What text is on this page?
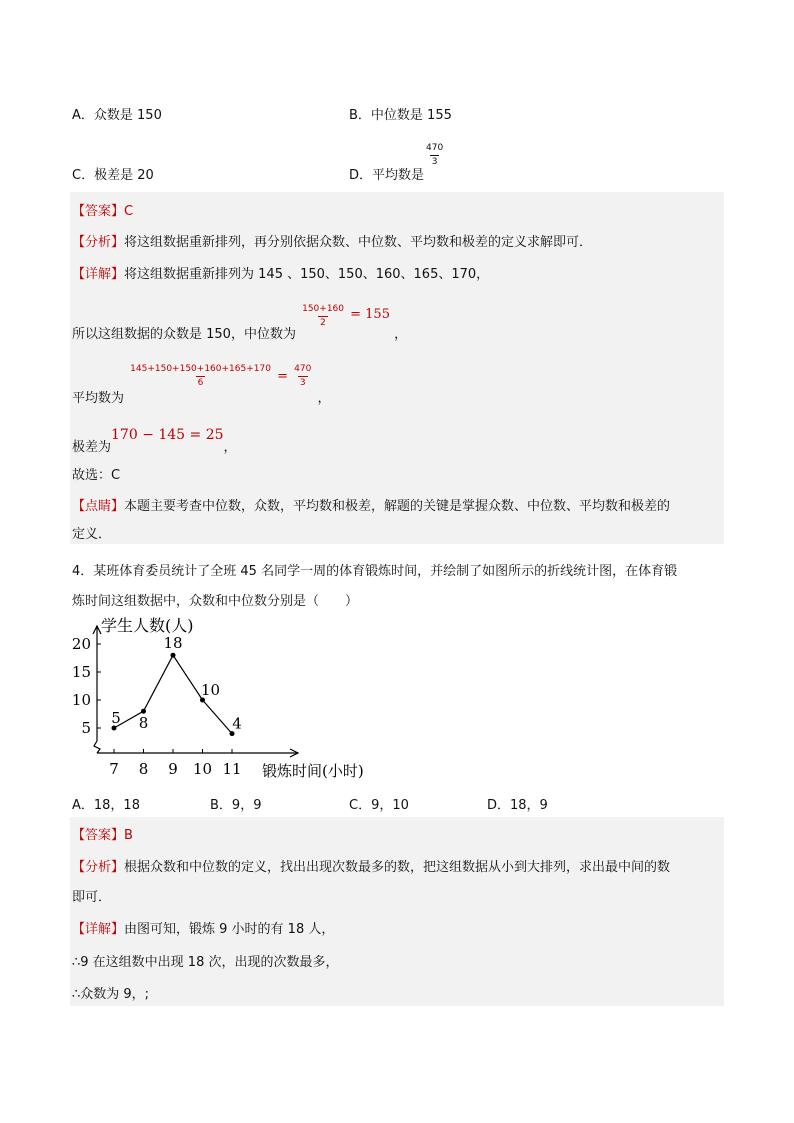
A．众数是 150	B．中位数是 155
C．极差是 20	D．平均数是
$\frac{470}{3}$
【答案】C
【分析】将这组数据重新排列，再分别依据众数、中位数、平均数和极差的定义求解即可．
【详解】将这组数据重新排列为 145 、150、150、160、165、170，
所以这组数据的众数是 150，中位数为
$\frac{150+160}{2} = 155$ ，
平均数为
$\frac{145+150+150+160+165+170}{6} = \frac{470}{3}$
，
极差为170 − 145 = 25，
故选：C
【点睛】本题主要考查中位数，众数，平均数和极差，解题的关键是掌握众数、中位数、平均数和极差的
定义．
4．某班体育委员统计了全班 45 名同学一周的体育锻炼时间，并绘制了如图所示的折线统计图，在体育锻
炼时间这组数据中，众数和中位数分别是（　　）
5
10
15
20
7 8 9 10 11
学生人数(人)
锻炼时间(小时)
5 8
18
10
4
A．18，18	B．9，9	C．9，10	D．18，9
【答案】B
【分析】根据众数和中位数的定义，找出出现次数最多的数，把这组数据从小到大排列，求出最中间的数
即可．
【详解】由图可知，锻炼 9 小时的有 18 人，
∴9 在这组数中出现 18 次，出现的次数最多，
∴众数为 9，;
